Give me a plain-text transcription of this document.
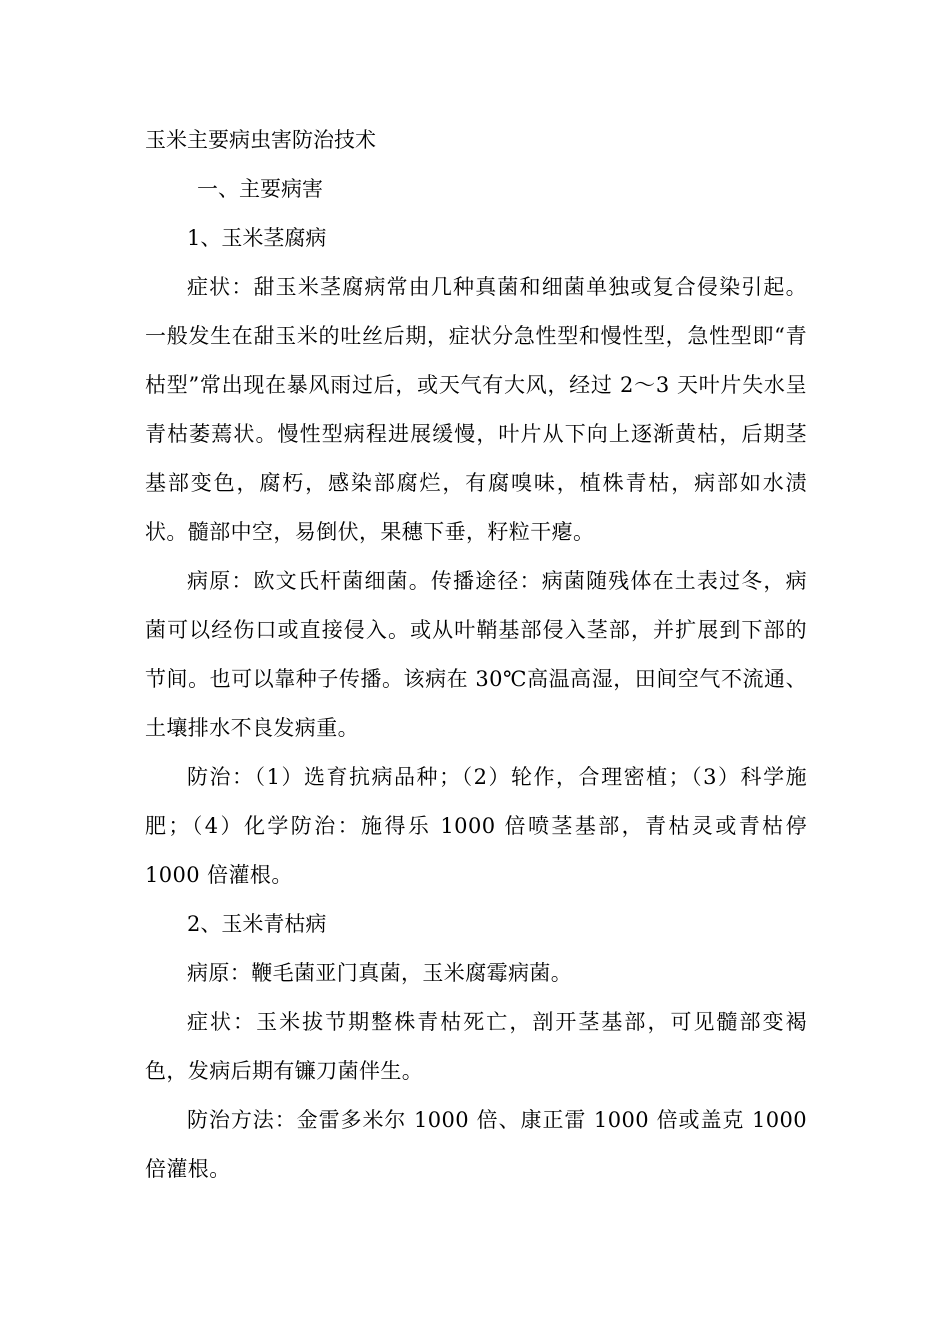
玉米主要病虫害防治技术

一、主要病害

1、玉米茎腐病

症状：甜玉米茎腐病常由几种真菌和细菌单独或复合侵染引起。一般发生在甜玉米的吐丝后期，症状分急性型和慢性型，急性型即“青枯型”常出现在暴风雨过后，或天气有大风，经过 2～3 天叶片失水呈青枯萎蔫状。慢性型病程进展缓慢，叶片从下向上逐渐黄枯，后期茎基部变色，腐朽，感染部腐烂，有腐嗅味，植株青枯，病部如水渍状。髓部中空，易倒伏，果穗下垂，籽粒干瘪。

病原：欧文氏杆菌细菌。传播途径：病菌随残体在土表过冬，病菌可以经伤口或直接侵入。或从叶鞘基部侵入茎部，并扩展到下部的节间。也可以靠种子传播。该病在 30℃高温高湿，田间空气不流通、土壤排水不良发病重。

防治：（1）选育抗病品种；（2）轮作，合理密植；（3）科学施肥；（4）化学防治：施得乐 1000 倍喷茎基部，青枯灵或青枯停 1000 倍灌根。

2、玉米青枯病

病原：鞭毛菌亚门真菌，玉米腐霉病菌。

症状：玉米拔节期整株青枯死亡，剖开茎基部，可见髓部变褐色，发病后期有镰刀菌伴生。

防治方法：金雷多米尔 1000 倍、康正雷 1000 倍或盖克 1000 倍灌根。
